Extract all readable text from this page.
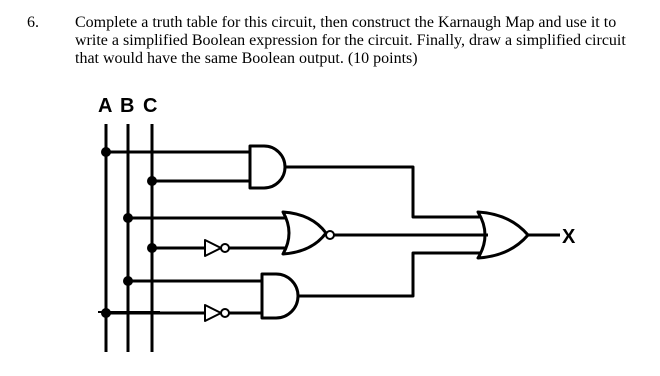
6. Complete a truth table for this circuit, then construct the Karnaugh Map and use it to
write a simplified Boolean expression for the circuit. Finally, draw a simplified circuit
that would have the same Boolean output. (10 points)
A B C
X
